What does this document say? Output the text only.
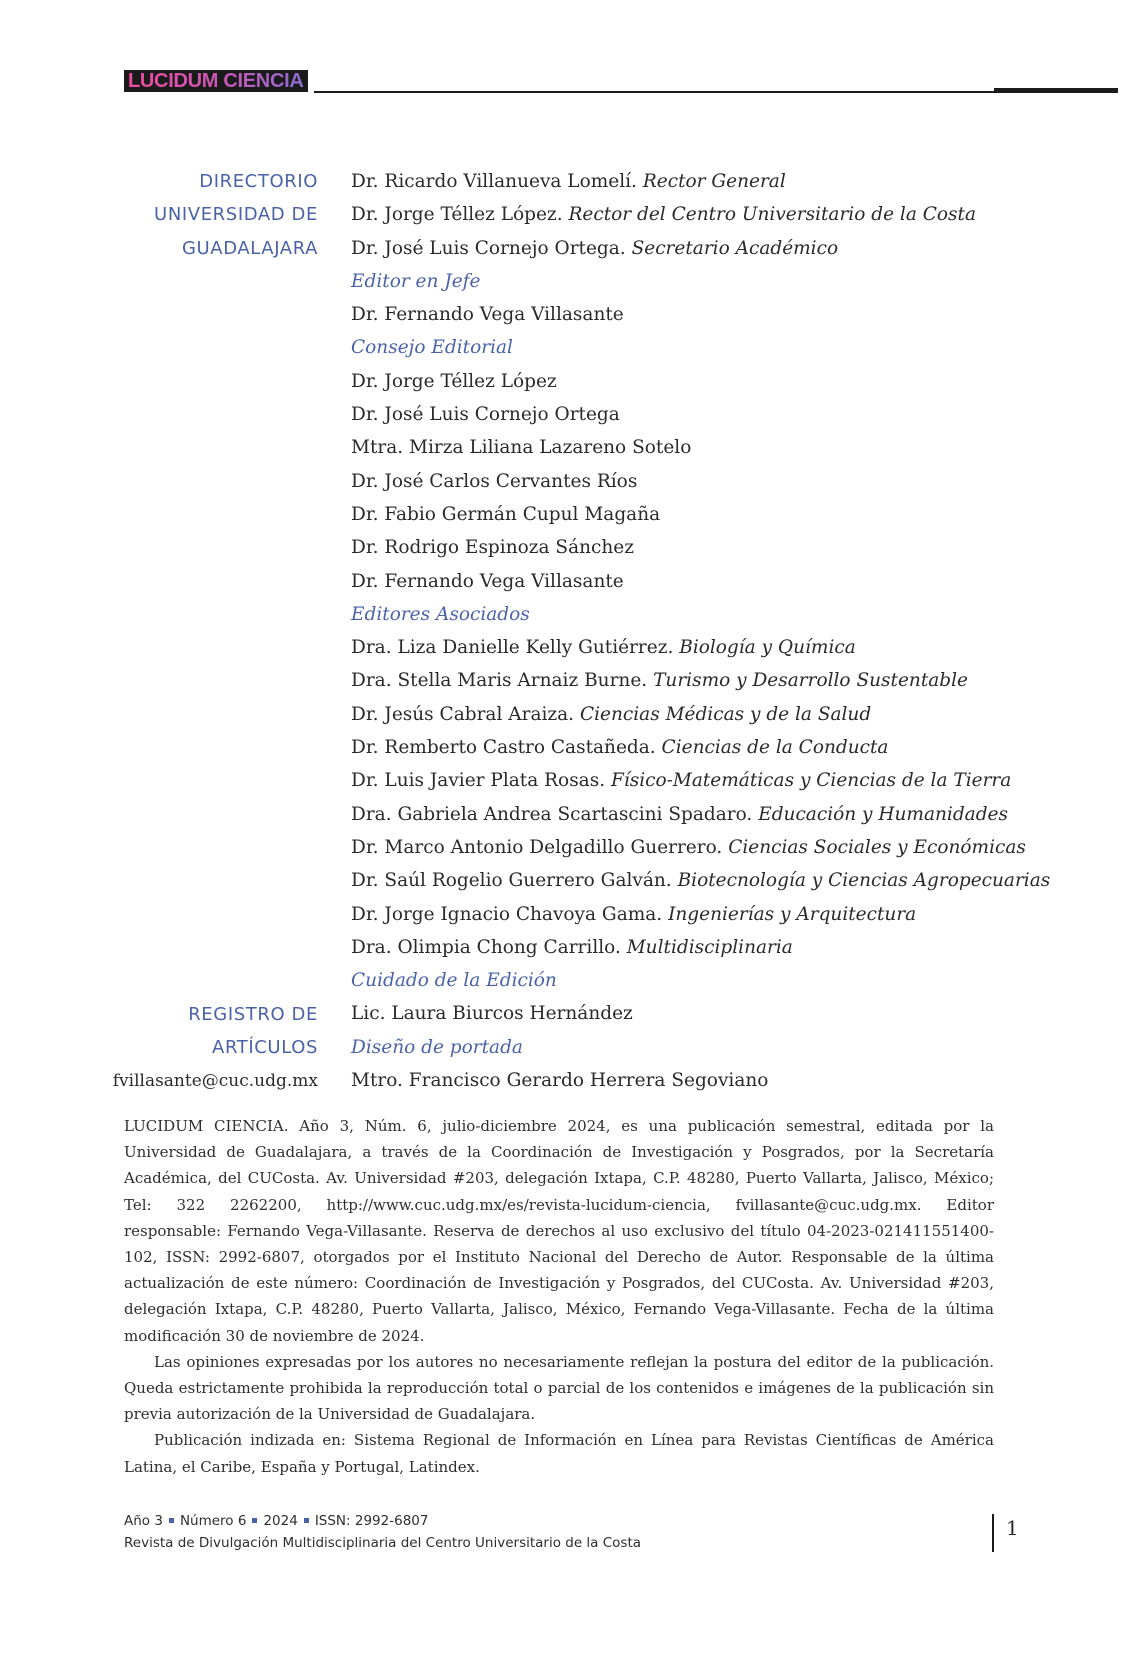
LUCIDUM CIENCIA
DIRECTORIO
UNIVERSIDAD DE
GUADALAJARA
REGISTRO DE
ARTÍCULOS
fvillasante@cuc.udg.mx
Dr. Ricardo Villanueva Lomelí. Rector General
Dr. Jorge Téllez López. Rector del Centro Universitario de la Costa
Dr. José Luis Cornejo Ortega. Secretario Académico
Editor en Jefe
Dr. Fernando Vega Villasante
Consejo Editorial
Dr. Jorge Téllez López
Dr. José Luis Cornejo Ortega
Mtra. Mirza Liliana Lazareno Sotelo
Dr. José Carlos Cervantes Ríos
Dr. Fabio Germán Cupul Magaña
Dr. Rodrigo Espinoza Sánchez
Dr. Fernando Vega Villasante
Editores Asociados
Dra. Liza Danielle Kelly Gutiérrez. Biología y Química
Dra. Stella Maris Arnaiz Burne. Turismo y Desarrollo Sustentable
Dr. Jesús Cabral Araiza. Ciencias Médicas y de la Salud
Dr. Remberto Castro Castañeda. Ciencias de la Conducta
Dr. Luis Javier Plata Rosas. Físico-Matemáticas y Ciencias de la Tierra
Dra. Gabriela Andrea Scartascini Spadaro. Educación y Humanidades
Dr. Marco Antonio Delgadillo Guerrero. Ciencias Sociales y Económicas
Dr. Saúl Rogelio Guerrero Galván. Biotecnología y Ciencias Agropecuarias
Dr. Jorge Ignacio Chavoya Gama. Ingenierías y Arquitectura
Dra. Olimpia Chong Carrillo. Multidisciplinaria
Cuidado de la Edición
Lic. Laura Biurcos Hernández
Diseño de portada
Mtro. Francisco Gerardo Herrera Segoviano

LUCIDUM CIENCIA. Año 3, Núm. 6, julio-diciembre 2024, es una publicación semestral, editada por la Universidad de Guadalajara, a través de la Coordinación de Investigación y Posgrados, por la Secretaría Académica, del CUCosta. Av. Universidad #203, delegación Ixtapa, C.P. 48280, Puerto Vallarta, Jalisco, México; Tel: 322 2262200, http://www.cuc.udg.mx/es/revista-lucidum-ciencia, fvillasante@cuc.udg.mx. Editor responsable: Fernando Vega-Villasante. Reserva de derechos al uso exclusivo del título 04-2023-021411551400-102, ISSN: 2992-6807, otorgados por el Instituto Nacional del Derecho de Autor. Responsable de la última actualización de este número: Coordinación de Investigación y Posgrados, del CUCosta. Av. Universidad #203, delegación Ixtapa, C.P. 48280, Puerto Vallarta, Jalisco, México, Fernando Vega-Villasante. Fecha de la última modificación 30 de noviembre de 2024.

Las opiniones expresadas por los autores no necesariamente reflejan la postura del editor de la publicación. Queda estrictamente prohibida la reproducción total o parcial de los contenidos e imágenes de la publicación sin previa autorización de la Universidad de Guadalajara.

Publicación indizada en: Sistema Regional de Información en Línea para Revistas Científicas de América Latina, el Caribe, España y Portugal, Latindex.

Año 3 Número 6 2024 ISSN: 2992-6807
Revista de Divulgación Multidisciplinaria del Centro Universitario de la Costa
1
